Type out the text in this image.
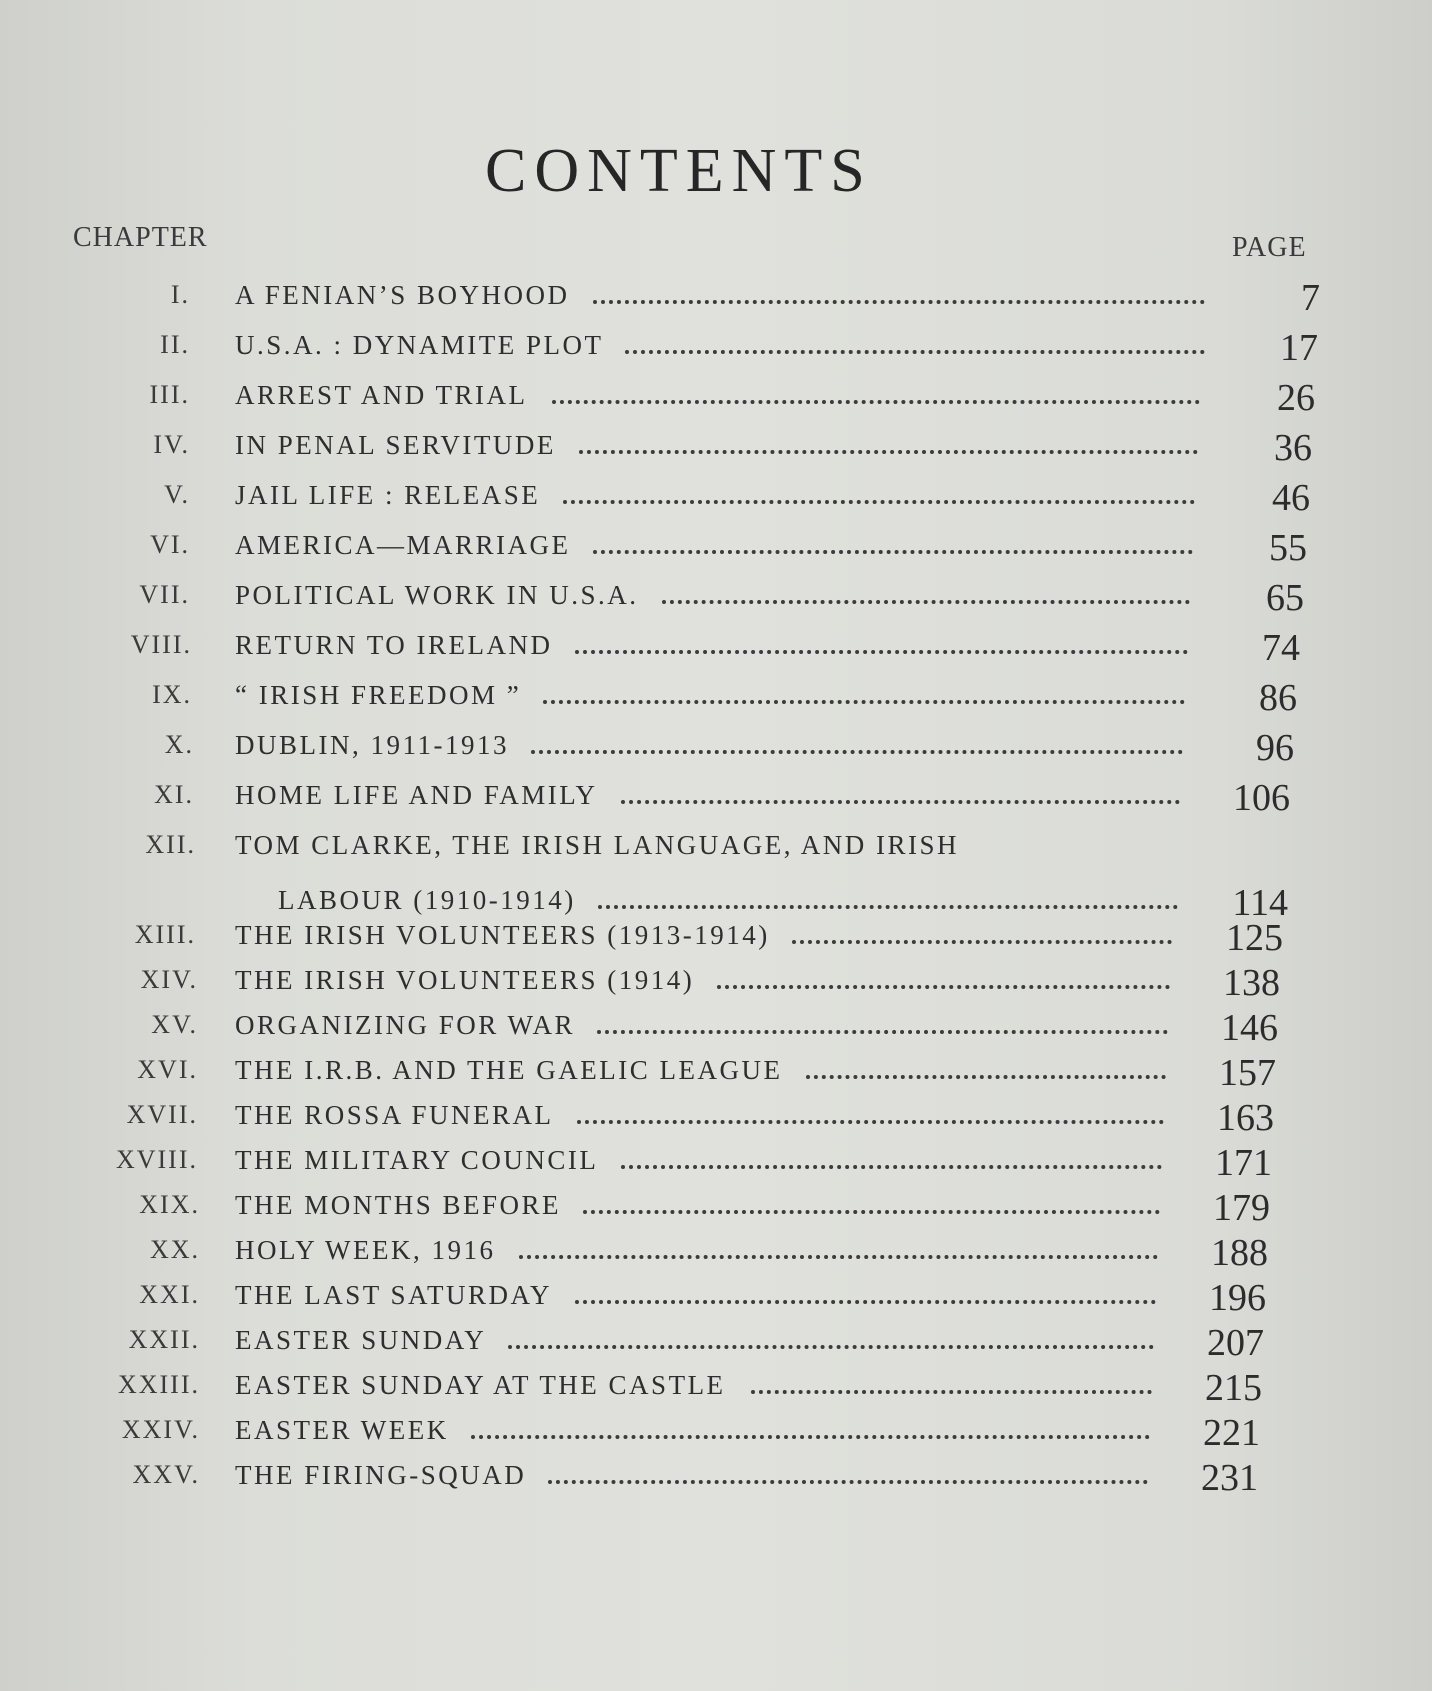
CONTENTS
CHAPTER	PAGE
I. A FENIAN’S BOYHOOD	7
II. U.S.A. : DYNAMITE PLOT	17
III. ARREST AND TRIAL	26
IV. IN PENAL SERVITUDE	36
V. JAIL LIFE : RELEASE	46
VI. AMERICA—MARRIAGE	55
VII. POLITICAL WORK IN U.S.A.	65
VIII. RETURN TO IRELAND	74
IX. “ IRISH FREEDOM ”	86
X. DUBLIN, 1911-1913	96
XI. HOME LIFE AND FAMILY	106
XII. TOM CLARKE, THE IRISH LANGUAGE, AND IRISH
LABOUR (1910-1914)	114
XIII. THE IRISH VOLUNTEERS (1913-1914)	125
XIV. THE IRISH VOLUNTEERS (1914)	138
XV. ORGANIZING FOR WAR	146
XVI. THE I.R.B. AND THE GAELIC LEAGUE	157
XVII. THE ROSSA FUNERAL	163
XVIII. THE MILITARY COUNCIL	171
XIX. THE MONTHS BEFORE	179
XX. HOLY WEEK, 1916	188
XXI. THE LAST SATURDAY	196
XXII. EASTER SUNDAY	207
XXIII. EASTER SUNDAY AT THE CASTLE	215
XXIV. EASTER WEEK	221
XXV. THE FIRING-SQUAD	231
